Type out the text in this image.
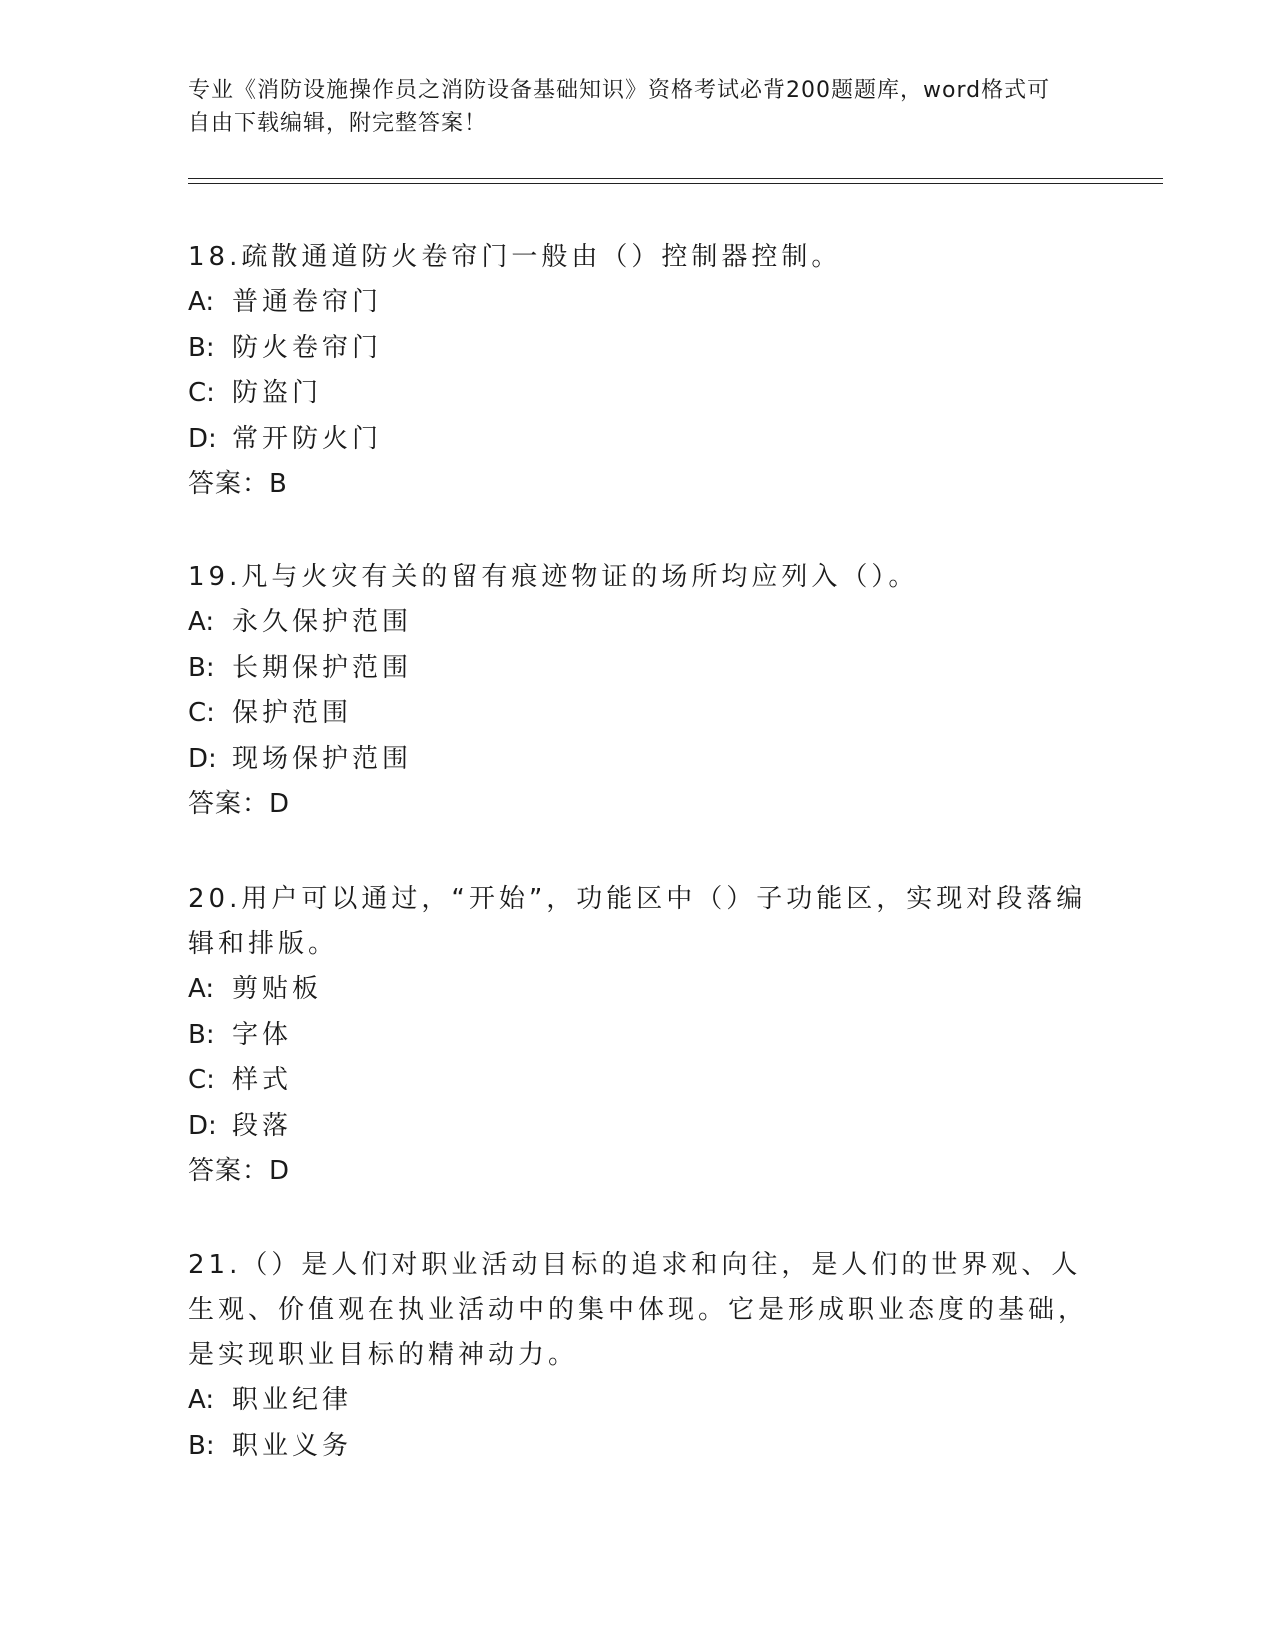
专业《消防设施操作员之消防设备基础知识》资格考试必背200题题库，word格式可自由下载编辑，附完整答案！

18.疏散通道防火卷帘门一般由（）控制器控制。

A: 普通卷帘门

B: 防火卷帘门

C: 防盗门

D: 常开防火门

答案：B

19.凡与火灾有关的留有痕迹物证的场所均应列入（）。

A: 永久保护范围

B: 长期保护范围

C: 保护范围

D: 现场保护范围

答案：D

20.用户可以通过，“开始”，功能区中（）子功能区，实现对段落编辑和排版。

A: 剪贴板

B: 字体

C: 样式

D: 段落

答案：D

21.（）是人们对职业活动目标的追求和向往，是人们的世界观、人生观、价值观在执业活动中的集中体现。它是形成职业态度的基础，是实现职业目标的精神动力。

A: 职业纪律

B: 职业义务
